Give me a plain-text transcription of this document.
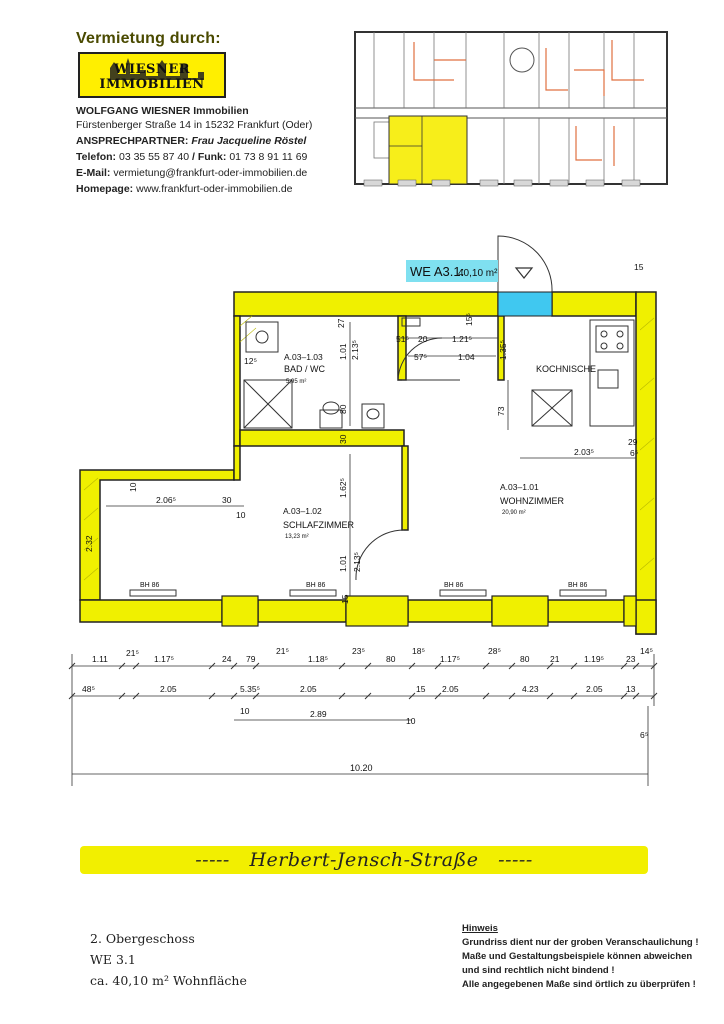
Vermietung durch:
WIESNER IMMOBILIEN
WOLFGANG WIESNER Immobilien
Fürstenberger Straße 14 in 15232 Frankfurt (Oder)
ANSPRECHPARTNER: Frau Jacqueline Röstel
Telefon: 03 35 55 87 40 / Funk: 01 73 8 91 11 69
E-Mail: vermietung@frankfurt-oder-immobilien.de
Homepage: www.frankfurt-oder-immobilien.de
WE A3.1:
40,10 m²
A.03–1.03
BAD / WC
5,95 m²
A.03–1.02
SCHLAFZIMMER
13,23 m²
A.03–1.01
WOHNZIMMER
20,90 m²
KOCHNISCHE
BH 86	BH 86	BH 86	BH 86
27
1.01 2.13⁵
51⁵ 20	1.21⁵
15⁵
57⁵	1.04	1.35⁵
12⁵
80
30
73
2.03⁵
29
6⁵
10
2.06⁵	30
10
1.62⁵
1.01 2.13⁵
15
2.32
15
1.11
21⁵
1.17⁵	24 79
21⁵
1.18⁵
23⁵
80
18⁵
1.17⁵
28⁵
80 21	1.19⁵	23
14⁵
48⁵	2.05	5.35⁵	2.05	15 2.05	4.23	2.05	13
10	2.89
10
6⁵
10.20
-----   Herbert-Jensch-Straße   -----
2. Obergeschoss
WE 3.1
ca. 40,10 m² Wohnfläche
Hinweis
Grundriss dient nur der groben Veranschaulichung !
Maße und Gestaltungsbeispiele können abweichen
und sind rechtlich nicht bindend !
Alle angegebenen Maße sind örtlich zu überprüfen !
